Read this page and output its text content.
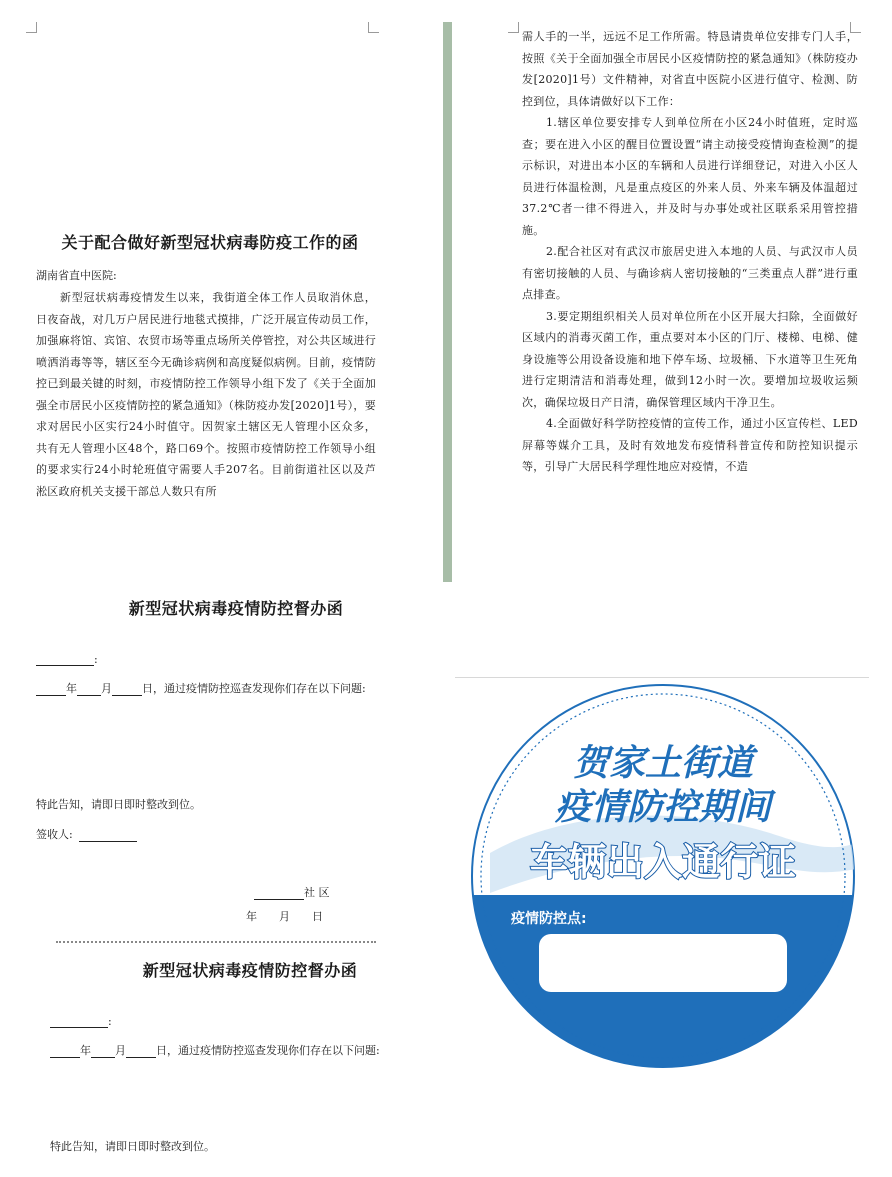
关于配合做好新型冠状病毒防疫工作的函
湖南省直中医院:
新型冠状病毒疫情发生以来，我街道全体工作人员取消休息，日夜奋战，对几万户居民进行地毯式摸排，广泛开展宣传动员工作，加强麻将馆、宾馆、农贸市场等重点场所关停管控，对公共区域进行喷洒消毒等等，辖区至今无确诊病例和高度疑似病例。目前，疫情防控已到最关键的时刻，市疫情防控工作领导小组下发了《关于全面加强全市居民小区疫情防控的紧急通知》（株防疫办发[2020]1号），要求对居民小区实行24小时值守。因贺家土辖区无人管理小区众多，共有无人管理小区48个，路口69个。按照市疫情防控工作领导小组的要求实行24小时轮班值守需要人手207名。目前街道社区以及芦淞区政府机关支援干部总人数只有所

需人手的一半，远远不足工作所需。特恳请贵单位安排专门人手，按照《关于全面加强全市居民小区疫情防控的紧急通知》（株防疫办发[2020]1号）文件精神，对省直中医院小区进行值守、检测、防控到位，具体请做好以下工作：

1.辖区单位要安排专人到单位所在小区24小时值班，定时巡查；要在进入小区的醒目位置设置“请主动接受疫情询查检测”的提示标识，对进出本小区的车辆和人员进行详细登记，对进入小区人员进行体温检测，凡是重点疫区的外来人员、外来车辆及体温超过37.2℃者一律不得进入，并及时与办事处或社区联系采用管控措施。

2.配合社区对有武汉市旅居史进入本地的人员、与武汉市人员有密切接触的人员、与确诊病人密切接触的“三类重点人群”进行重点排查。

3.要定期组织相关人员对单位所在小区开展大扫除，全面做好区域内的消毒灭菌工作，重点要对本小区的门厅、楼梯、电梯、健身设施等公用设备设施和地下停车场、垃圾桶、下水道等卫生死角进行定期清洁和消毒处理，做到12小时一次。要增加垃圾收运频次，确保垃圾日产日清，确保管理区域内干净卫生。

4.全面做好科学防控疫情的宣传工作，通过小区宣传栏、LED屏幕等媒介工具，及时有效地发布疫情科普宣传和防控知识提示等，引导广大居民科学理性地应对疫情，不造

新型冠状病毒疫情防控督办函
:
年 月	日，通过疫情防控巡查发现你们存在以下问题:
特此告知，请即日即时整改到位。
签收人:
社 区
年　　月　　日
新型冠状病毒疫情防控督办函
:
年 月	日，通过疫情防控巡查发现你们存在以下问题:
特此告知，请即日即时整改到位。
贺家土街道
疫情防控期间
车辆出入通行证
疫情防控点:
